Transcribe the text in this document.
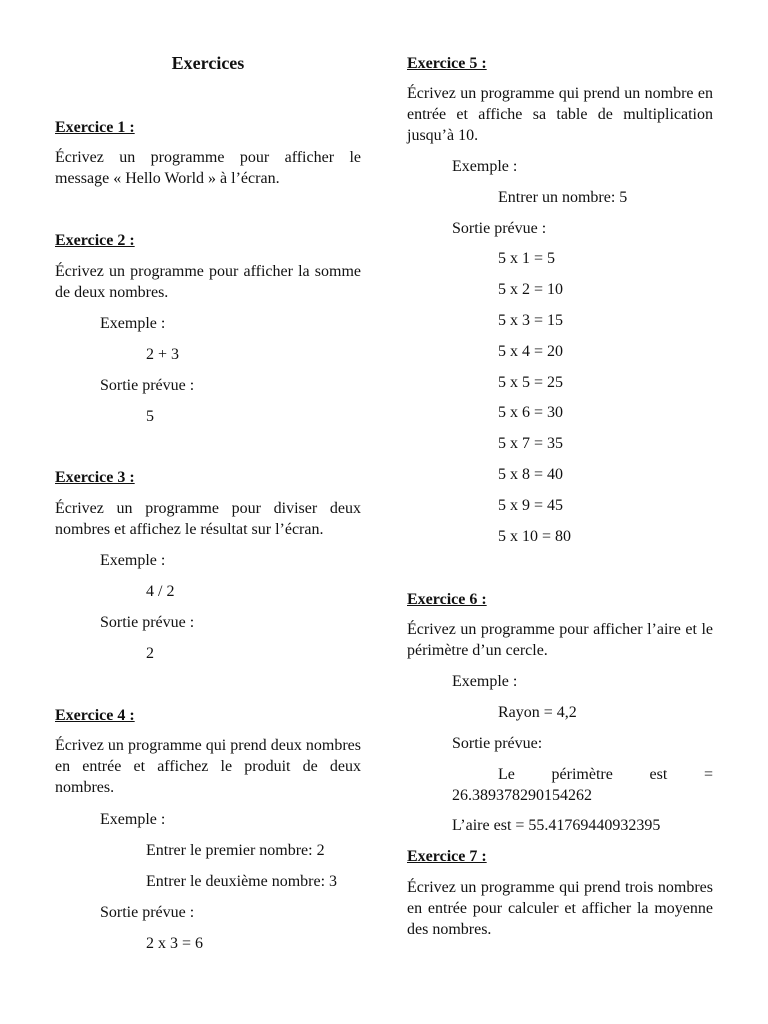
Exercices
Exercice 1 :
Écrivez un programme pour afficher le message « Hello World » à l’écran.
Exercice 2 :
Écrivez un programme pour afficher la somme de deux nombres.
Exemple :
2 + 3
Sortie prévue :
5
Exercice 3 :
Écrivez un programme pour diviser deux nombres et affichez le résultat sur l’écran.
Exemple :
4 / 2
Sortie prévue :
2
Exercice 4 :
Écrivez un programme qui prend deux nombres en entrée et affichez le produit de deux nombres.
Exemple :
Entrer le premier nombre: 2
Entrer le deuxième nombre: 3
Sortie prévue :
2 x 3 = 6
Exercice 5 :
Écrivez un programme qui prend un nombre en entrée et affiche sa table de multiplication jusqu’à 10.
Exemple :
Entrer un nombre: 5
Sortie prévue :
5 x 1 = 5
5 x 2 = 10
5 x 3 = 15
5 x 4 = 20
5 x 5 = 25
5 x 6 = 30
5 x 7 = 35
5 x 8 = 40
5 x 9 = 45
5 x 10 = 80
Exercice 6 :
Écrivez un programme pour afficher l’aire et le périmètre d’un cercle.
Exemple :
Rayon = 4,2
Sortie prévue:
Le périmètre est = 26.389378290154262
L’aire est = 55.41769440932395
Exercice 7 :
Écrivez un programme qui prend trois nombres en entrée pour calculer et afficher la moyenne des nombres.
